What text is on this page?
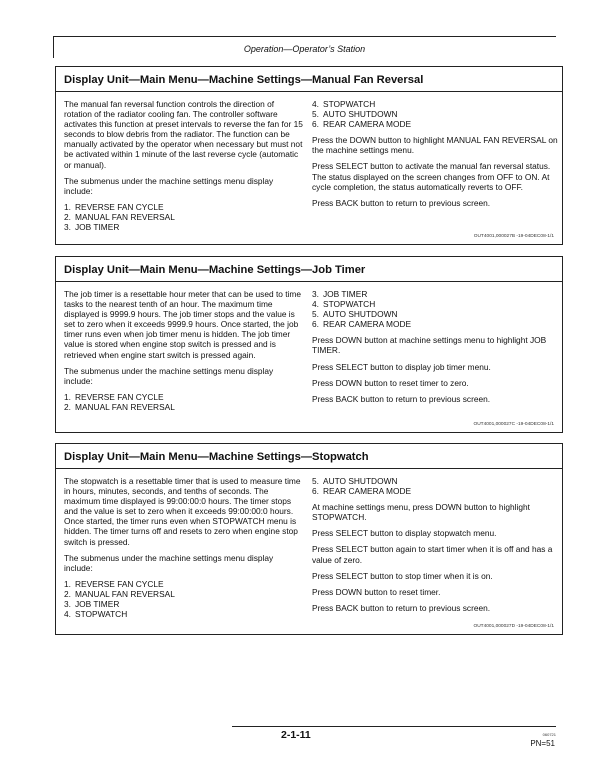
Operation—Operator’s Station
Display Unit—Main Menu—Machine Settings—Manual Fan Reversal

The manual fan reversal function controls the direction of rotation of the radiator cooling fan. The controller software activates this function at preset intervals to reverse the fan for 15 seconds to blow debris from the radiator. The function can be manually activated by the operator when necessary but must not be activated within 1 minute of the last reverse cycle (automatic or manual).

The submenus under the machine settings menu display include:

1. REVERSE FAN CYCLE
2. MANUAL FAN REVERSAL
3. JOB TIMER
4. STOPWATCH
5. AUTO SHUTDOWN
6. REAR CAMERA MODE

Press the DOWN button to highlight MANUAL FAN REVERSAL on the machine settings menu.

Press SELECT button to activate the manual fan reversal status. The status displayed on the screen changes from OFF to ON. At cycle completion, the status automatically reverts to OFF.

Press BACK button to return to previous screen.

OUT4001,000027B -19-04DEC08-1/1
Display Unit—Main Menu—Machine Settings—Job Timer

The job timer is a resettable hour meter that can be used to time tasks to the nearest tenth of an hour. The maximum time displayed is 9999.9 hours. The job timer stops and the value is set to zero when it exceeds 9999.9 hours. Once started, the job timer runs even when job timer menu is hidden. The job timer value is stored when engine stop switch is pressed and is retrieved when engine start switch is pressed again.

The submenus under the machine settings menu display include:

1. REVERSE FAN CYCLE
2. MANUAL FAN REVERSAL
3. JOB TIMER
4. STOPWATCH
5. AUTO SHUTDOWN
6. REAR CAMERA MODE

Press DOWN button at machine settings menu to highlight JOB TIMER.

Press SELECT button to display job timer menu.

Press DOWN button to reset timer to zero.

Press BACK button to return to previous screen.

OUT4001,000027C -19-04DEC08-1/1
Display Unit—Main Menu—Machine Settings—Stopwatch

The stopwatch is a resettable timer that is used to measure time in hours, minutes, seconds, and tenths of seconds. The maximum time displayed is 99:00:00:0 hours. The timer stops and the value is set to zero when it exceeds 99:00:00:0 hours. Once started, the timer runs even when STOPWATCH menu is hidden. The timer turns off and resets to zero when engine stop switch is pressed.

The submenus under the machine settings menu display include:

1. REVERSE FAN CYCLE
2. MANUAL FAN REVERSAL
3. JOB TIMER
4. STOPWATCH
5. AUTO SHUTDOWN
6. REAR CAMERA MODE

At machine settings menu, press DOWN button to highlight STOPWATCH.

Press SELECT button to display stopwatch menu.

Press SELECT button again to start timer when it is off and has a value of zero.

Press SELECT button to stop timer when it is on.

Press DOWN button to reset timer.

Press BACK button to return to previous screen.

OUT4001,000027D -19-04DEC08-1/1
2-1-11	060721
PN=51
